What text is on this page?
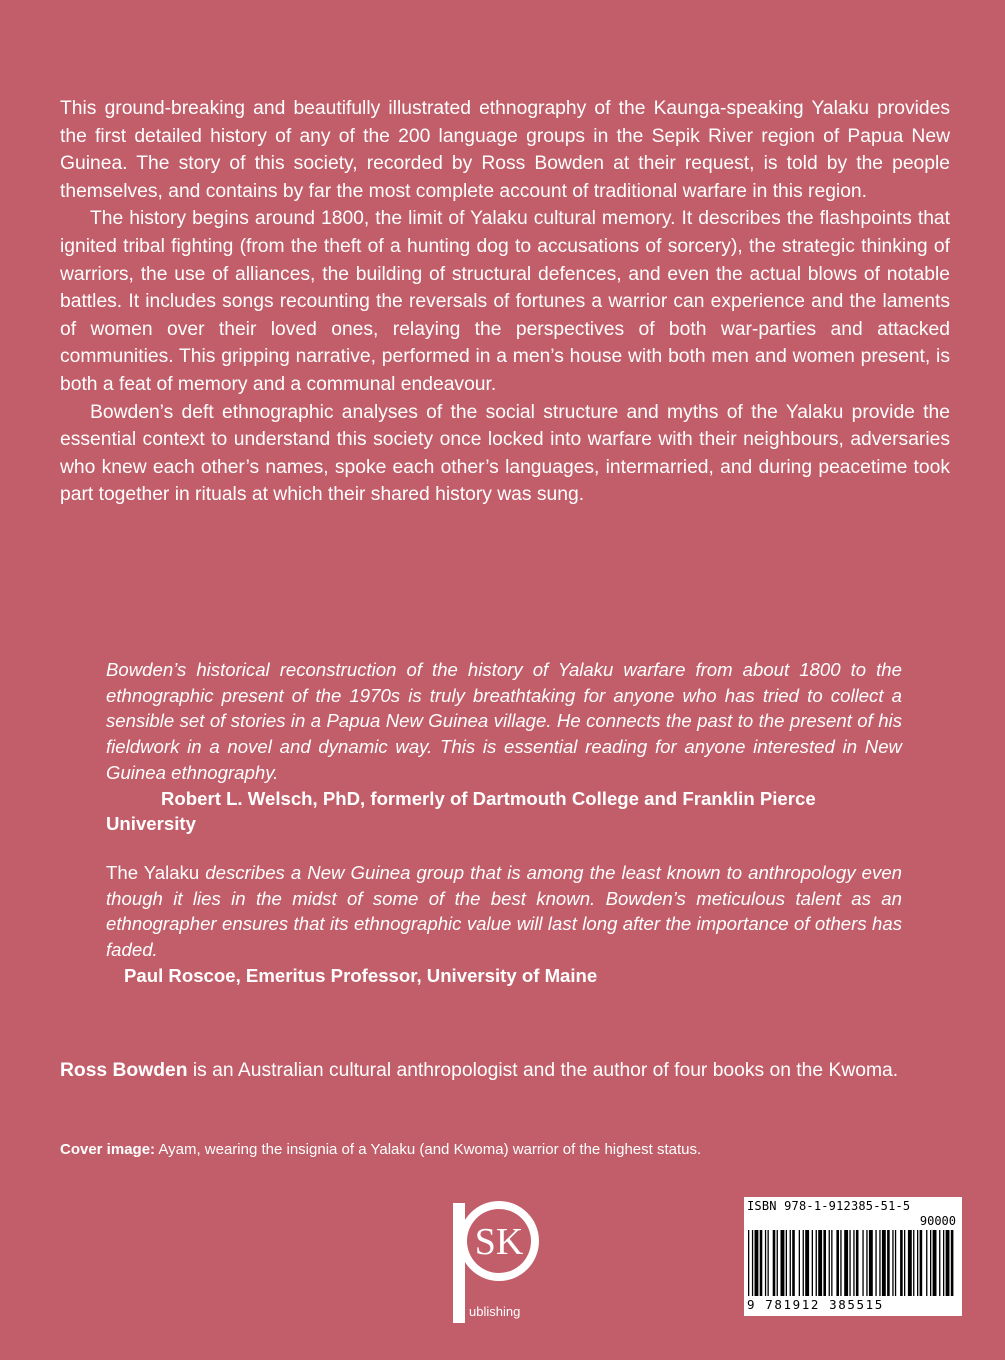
This ground-breaking and beautifully illustrated ethnography of the Kaunga-speaking Yalaku provides the first detailed history of any of the 200 language groups in the Sepik River region of Papua New Guinea. The story of this society, recorded by Ross Bowden at their request, is told by the people themselves, and contains by far the most complete account of traditional warfare in this region.

The history begins around 1800, the limit of Yalaku cultural memory. It describes the flashpoints that ignited tribal fighting (from the theft of a hunting dog to accusations of sorcery), the strategic thinking of warriors, the use of alliances, the building of structural defences, and even the actual blows of notable battles. It includes songs recounting the reversals of fortunes a warrior can experience and the laments of women over their loved ones, relaying the perspectives of both war-parties and attacked communities. This gripping narrative, performed in a men’s house with both men and women present, is both a feat of memory and a communal endeavour.

Bowden’s deft ethnographic analyses of the social structure and myths of the Yalaku provide the essential context to understand this society once locked into warfare with their neighbours, adversaries who knew each other’s names, spoke each other’s languages, intermarried, and during peacetime took part together in rituals at which their shared history was sung.

Bowden’s historical reconstruction of the history of Yalaku warfare from about 1800 to the ethnographic present of the 1970s is truly breathtaking for anyone who has tried to collect a sensible set of stories in a Papua New Guinea village. He connects the past to the present of his fieldwork in a novel and dynamic way. This is essential reading for anyone interested in New Guinea ethnography.
Robert L. Welsch, PhD, formerly of Dartmouth College and Franklin Pierce University
The Yalaku describes a New Guinea group that is among the least known to anthropology even though it lies in the midst of some of the best known. Bowden’s meticulous talent as an ethnographer ensures that its ethnographic value will last long after the importance of others has faded.
Paul Roscoe, Emeritus Professor, University of Maine
Ross Bowden is an Australian cultural anthropologist and the author of four books on the Kwoma.
Cover image: Ayam, wearing the insignia of a Yalaku (and Kwoma) warrior of the highest status.
SK
ublishing
ISBN 978-1-912385-51-5
90000
9 781912 385515
